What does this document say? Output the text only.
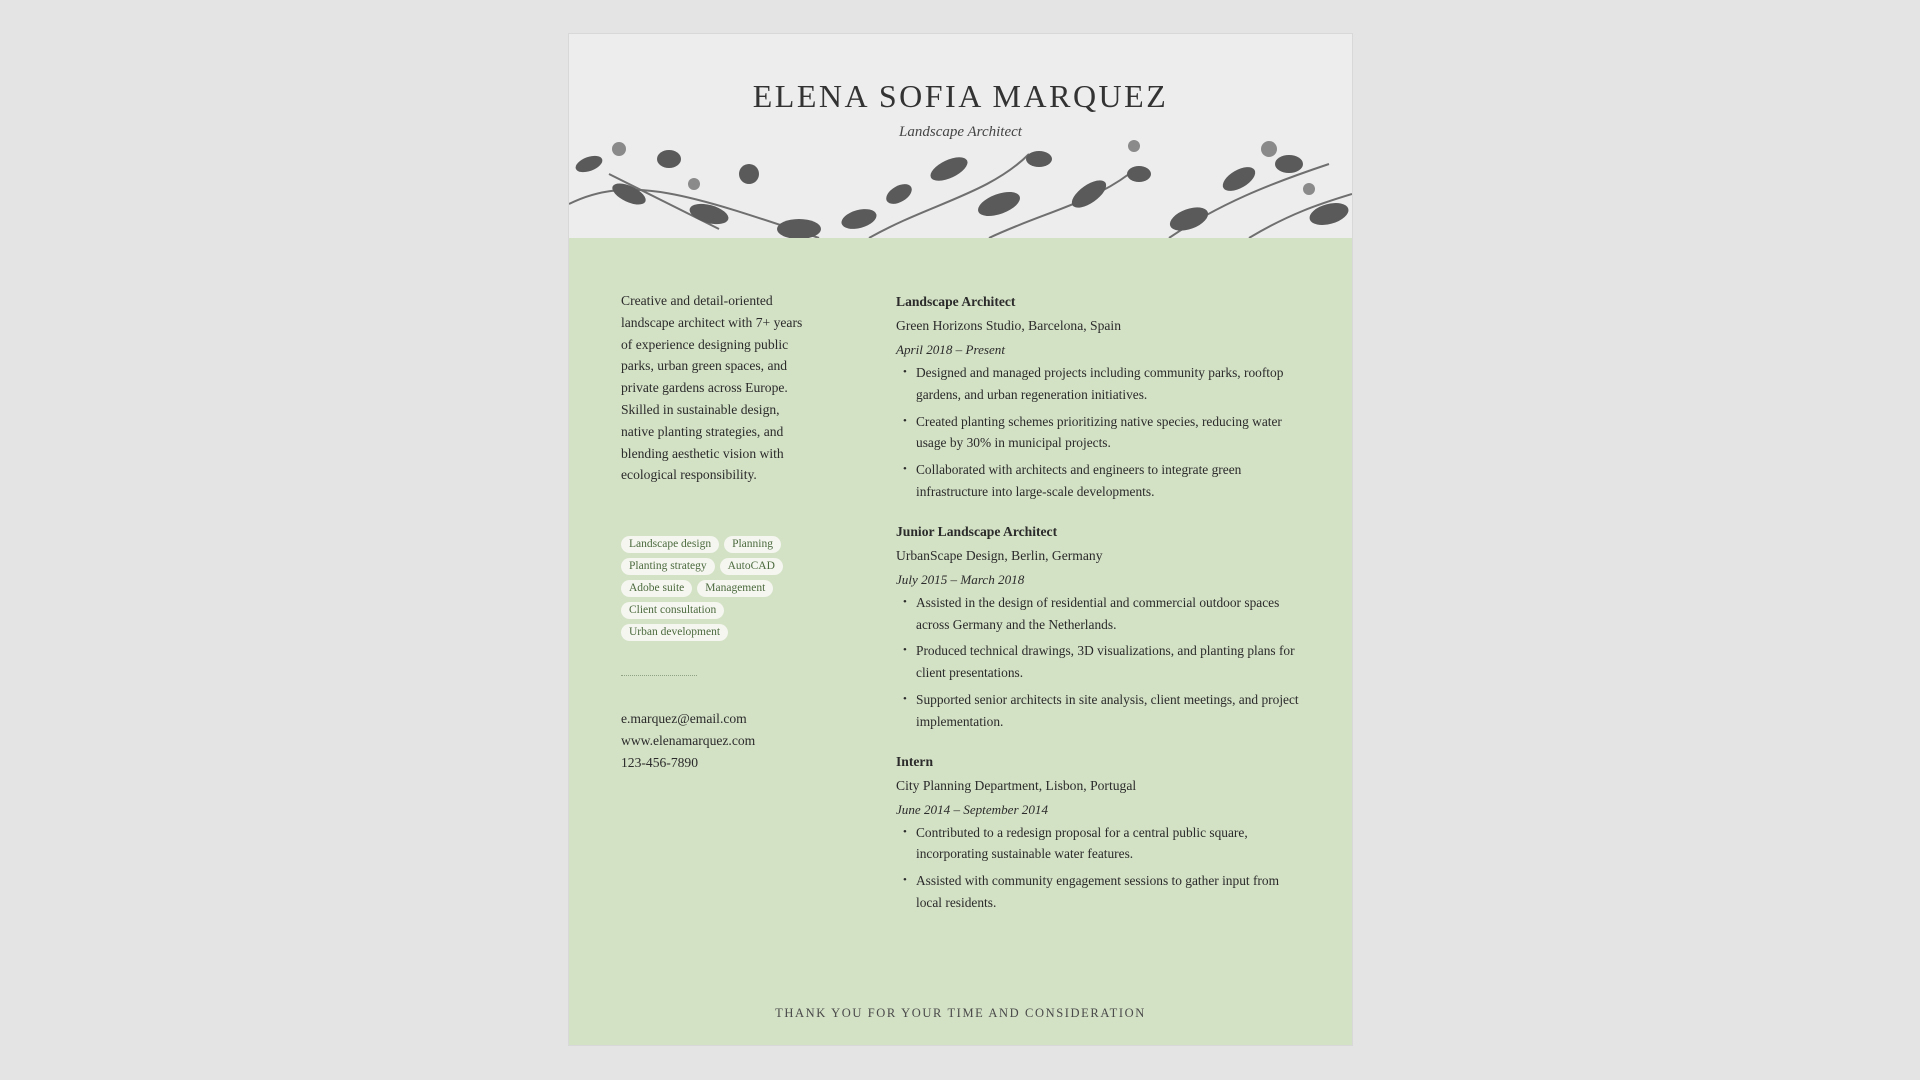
ELENA SOFIA MARQUEZ
Landscape Architect
Creative and detail-oriented landscape architect with 7+ years of experience designing public parks, urban green spaces, and private gardens across Europe. Skilled in sustainable design, native planting strategies, and blending aesthetic vision with ecological responsibility.
Landscape design	Planning
Planting strategy	AutoCAD
Adobe suite	Management
Client consultation
Urban development
e.marquez@email.com
www.elenamarquez.com
123-456-7890
Landscape Architect
Green Horizons Studio, Barcelona, Spain
April 2018 – Present
• Designed and managed projects including community parks, rooftop gardens, and urban regeneration initiatives.
• Created planting schemes prioritizing native species, reducing water usage by 30% in municipal projects.
• Collaborated with architects and engineers to integrate green infrastructure into large-scale developments.
Junior Landscape Architect
UrbanScape Design, Berlin, Germany
July 2015 – March 2018
• Assisted in the design of residential and commercial outdoor spaces across Germany and the Netherlands.
• Produced technical drawings, 3D visualizations, and planting plans for client presentations.
• Supported senior architects in site analysis, client meetings, and project implementation.
Intern
City Planning Department, Lisbon, Portugal
June 2014 – September 2014
• Contributed to a redesign proposal for a central public square, incorporating sustainable water features.
• Assisted with community engagement sessions to gather input from local residents.
THANK YOU FOR YOUR TIME AND CONSIDERATION
